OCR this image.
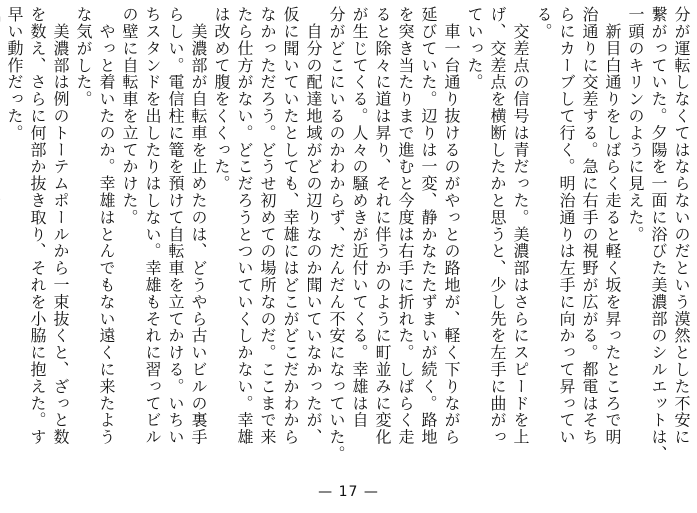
分が運転しなくてはならないのだという漠然とした不安に

繋がっていた。夕陽を一面に浴びた美濃部のシルエットは、

一頭のキリンのように見えた。

　新目白通りをしばらく走ると軽く坂を昇ったところで明

治通りに交差する。急に右手の視野が広がる。都電はそち

らにカーブして行く。明治通りは左手に向かって昇ってい

る。

　交差点の信号は青だった。美濃部はさらにスピードを上

げ、交差点を横断したかと思うと、少し先を左手に曲がっ

ていった。

　車一台通り抜けるのがやっとの路地が、軽く下りながら

延びていた。辺りは一変、静かなたたずまいが続く。路地

を突き当たりまで進むと今度は右手に折れた。しばらく走

ると除々に道は昇り、それに伴うかのように町並みに変化

が生じてくる。人々の騒めきが近付いてくる。幸雄は自

分がどこにいるのかわからず、だんだん不安になっていた。

　自分の配達地域がどの辺りなのか聞いていなかったが、

仮に聞いていたとしても、幸雄にはどこがどこだかわから

なかっただろう。どうせ初めての場所なのだ。ここまで来

たら仕方がない。どこだろうとついていくしかない。幸雄

は改めて腹をくくった。

　美濃部が自転車を止めたのは、どうやら古いビルの裏手

らしい。電信柱に篭を預けて自転車を立てかける。いちい

ちスタンドを出したりはしない。幸雄もそれに習ってビル

の壁に自転車を立てかけた。

　やっと着いたのか。幸雄はとんでもない遠くに来たよう

な気がした。

　美濃部は例のトーテムポールから一束抜くと、ざっと数

を数え、さらに何部か抜き取り、それを小脇に抱えた。す

早い動作だった。

— 17 —
